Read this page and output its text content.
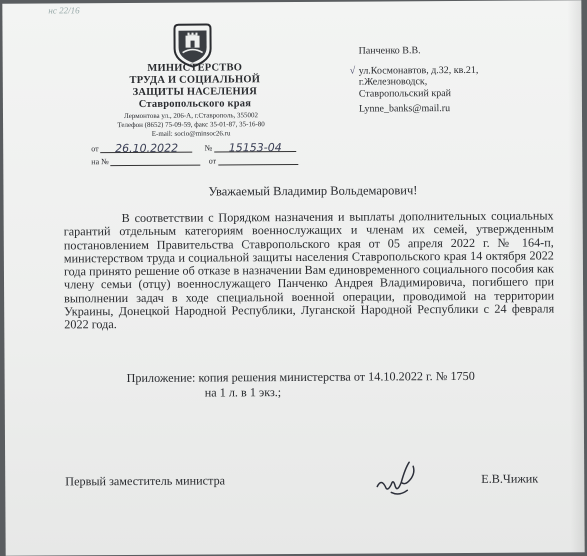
нс 22/16
МИНИСТЕРСТВО
ТРУДА И СОЦИАЛЬНОЙ
ЗАЩИТЫ НАСЕЛЕНИЯ
Ставропольского края
Лермонтова ул., 206-А, г.Ставрополь, 355002
Телефон (8652) 75-09-59, факс 35-01-87, 35-16-80
E-mail: socio@minsoc26.ru
от 26.10.2022	№ 15153-04
на №	от
Панченко В.В.
√ ул.Космонавтов, д.32, кв.21,
г.Железноводск,
Ставропольский край
Lynne_banks@mail.ru
Уважаемый Владимир Вольдемарович!
В соответствии с Порядком назначения и выплаты дополнительных социальных гарантий отдельным категориям военнослужащих и членам их семей, утвержденным постановлением Правительства Ставропольского края от 05 апреля 2022 г. № 164-п, министерством труда и социальной защиты населения Ставропольского края 14 октября 2022 года принято решение об отказе в назначении Вам единовременного социального пособия как члену семьи (отцу) военнослужащего Панченко Андрея Владимировича, погибшего при выполнении задач в ходе специальной военной операции, проводимой на территории Украины, Донецкой Народной Республики, Луганской Народной Республики с 24 февраля 2022 года.
Приложение: копия решения министерства от 14.10.2022 г. № 1750
на 1 л. в 1 экз.;
Первый заместитель министра	Е.В.Чижик
